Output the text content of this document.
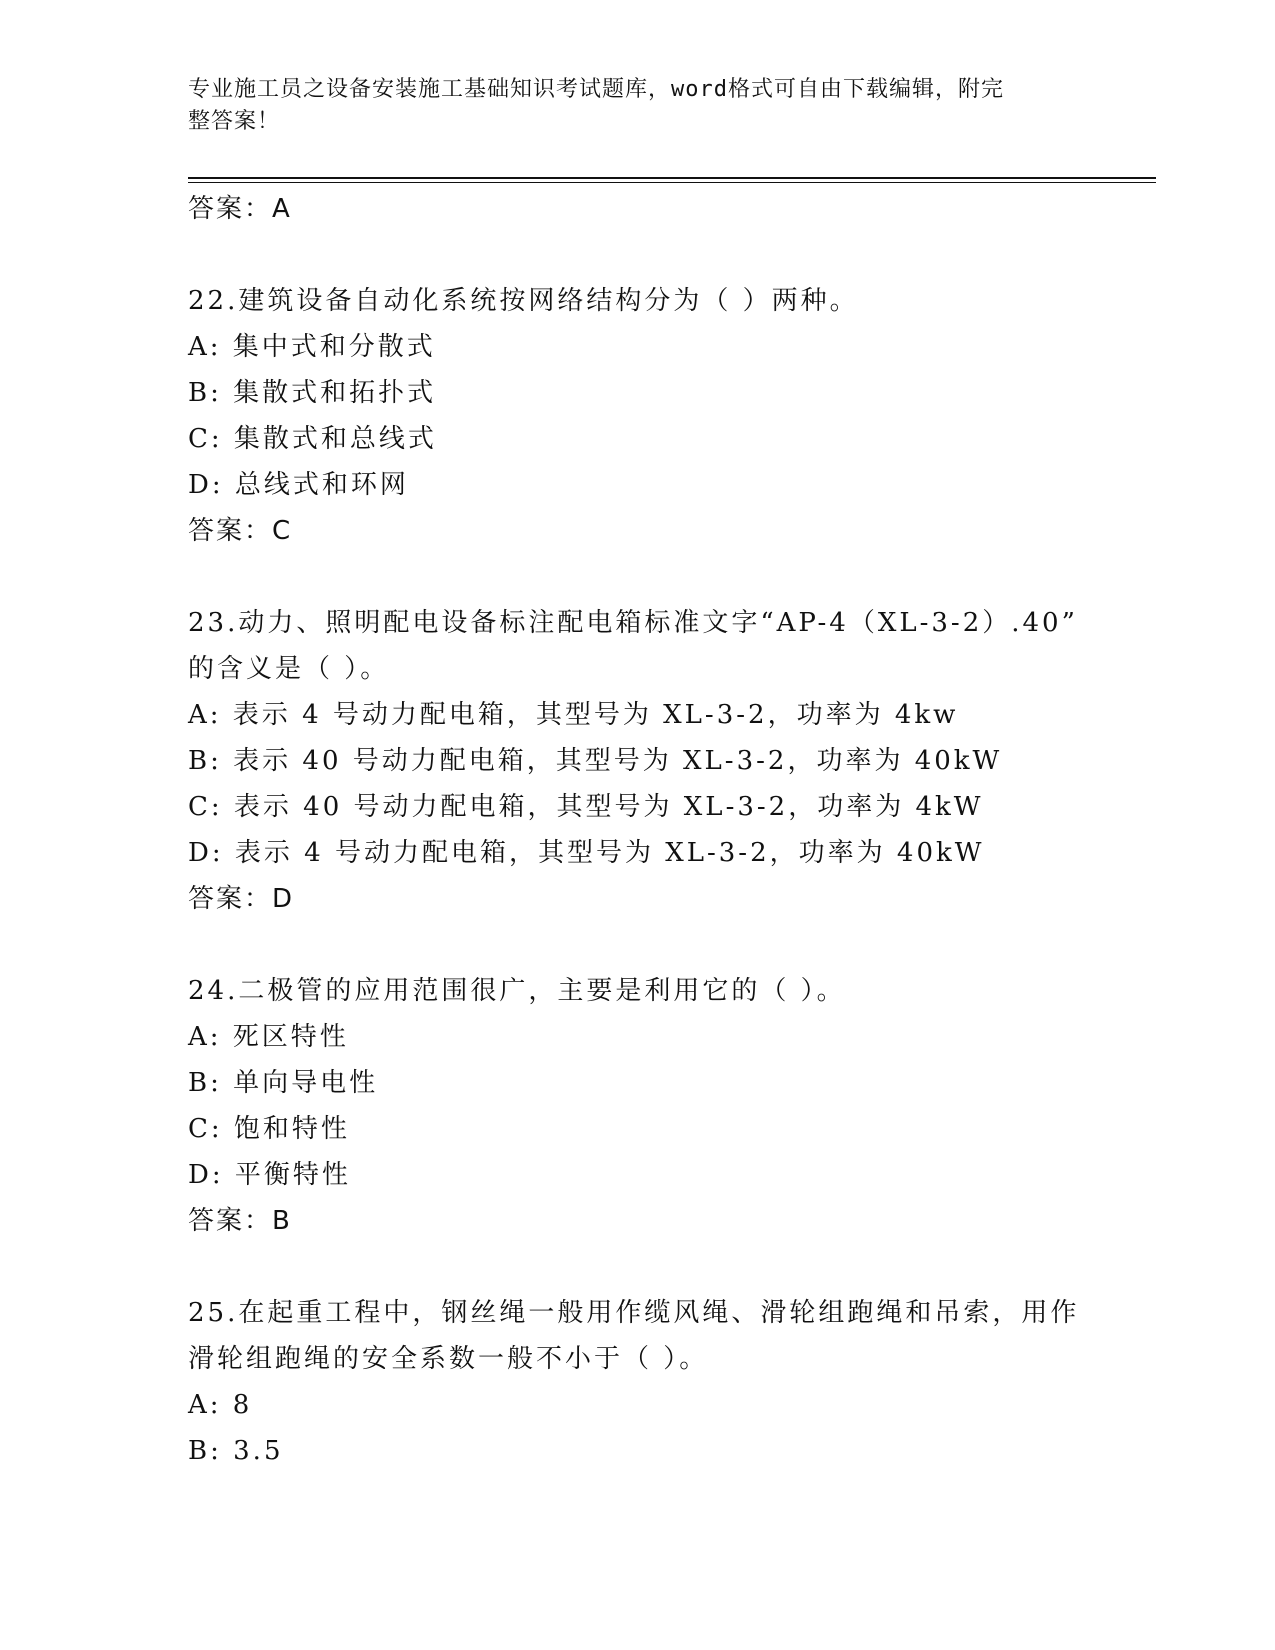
专业施工员之设备安装施工基础知识考试题库，word格式可自由下载编辑，附完
整答案！
答案：A
22.建筑设备自动化系统按网络结构分为（ ）两种。
A: 集中式和分散式
B: 集散式和拓扑式
C: 集散式和总线式
D: 总线式和环网
答案：C
23.动力、照明配电设备标注配电箱标准文字“AP-4（XL-3-2）.40”
的含义是（ ）。
A: 表示 4 号动力配电箱，其型号为 XL-3-2，功率为 4kw
B: 表示 40 号动力配电箱，其型号为 XL-3-2，功率为 40kW
C: 表示 40 号动力配电箱，其型号为 XL-3-2，功率为 4kW
D: 表示 4 号动力配电箱，其型号为 XL-3-2，功率为 40kW
答案：D
24.二极管的应用范围很广，主要是利用它的（ ）。
A: 死区特性
B: 单向导电性
C: 饱和特性
D: 平衡特性
答案：B
25.在起重工程中，钢丝绳一般用作缆风绳、滑轮组跑绳和吊索，用作
滑轮组跑绳的安全系数一般不小于（ ）。
A: 8
B: 3.5
